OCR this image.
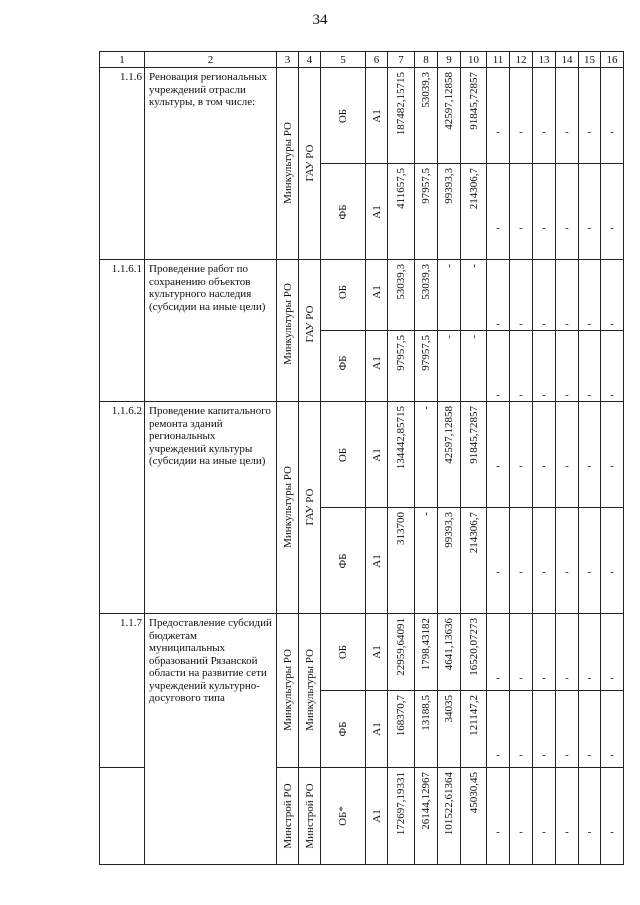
34
1	2	3	4	5	6	7	8	9	10	11	12	13	14	15	16
1.1.6	Реновация региональных учреждений отрасли культуры, в том числе:	Минкультуры РО	ГАУ РО	ОБ	А1	187482,15715	53039,3	42597,12858	91845,72857	-	-	-	-	-	-

				ФБ	А1	411657,5	97957,5	99393,3	214306,7	-	-	-	-	-	-

1.1.6.1	Проведение работ по сохранению объектов культурного наследия (субсидии на иные цели)	Минкультуры РО	ГАУ РО	ОБ	А1	53039,3	53039,3	-	-	-	-	-	-	-	-

				ФБ	А1	97957,5	97957,5	-	-	-	-	-	-	-	-

1.1.6.2	Проведение капитального ремонта зданий региональных учреждений культуры (субсидии на иные цели)	Минкультуры РО	ГАУ РО	ОБ	А1	134442,85715	-	42597,12858	91845,72857	-	-	-	-	-	-

				ФБ	А1	313700	-	99393,3	214306,7	-	-	-	-	-	-

1.1.7	Предоставление субсидий бюджетам муниципальных образований Рязанской области на развитие сети учреждений культурно-досугового типа	Минкультуры РО	Минкультуры РО	ОБ	А1	22959,64091	1798,43182	4641,13636	16520,07273	-	-	-	-	-	-

				ФБ	А1	168370,7	13188,5	34035	121147,2	-	-	-	-	-	-

		Минстрой РО	Минстрой РО	ОБ*	А1	172697,19331	26144,12967	101522,61364	45030,45	-	-	-	-	-	-
